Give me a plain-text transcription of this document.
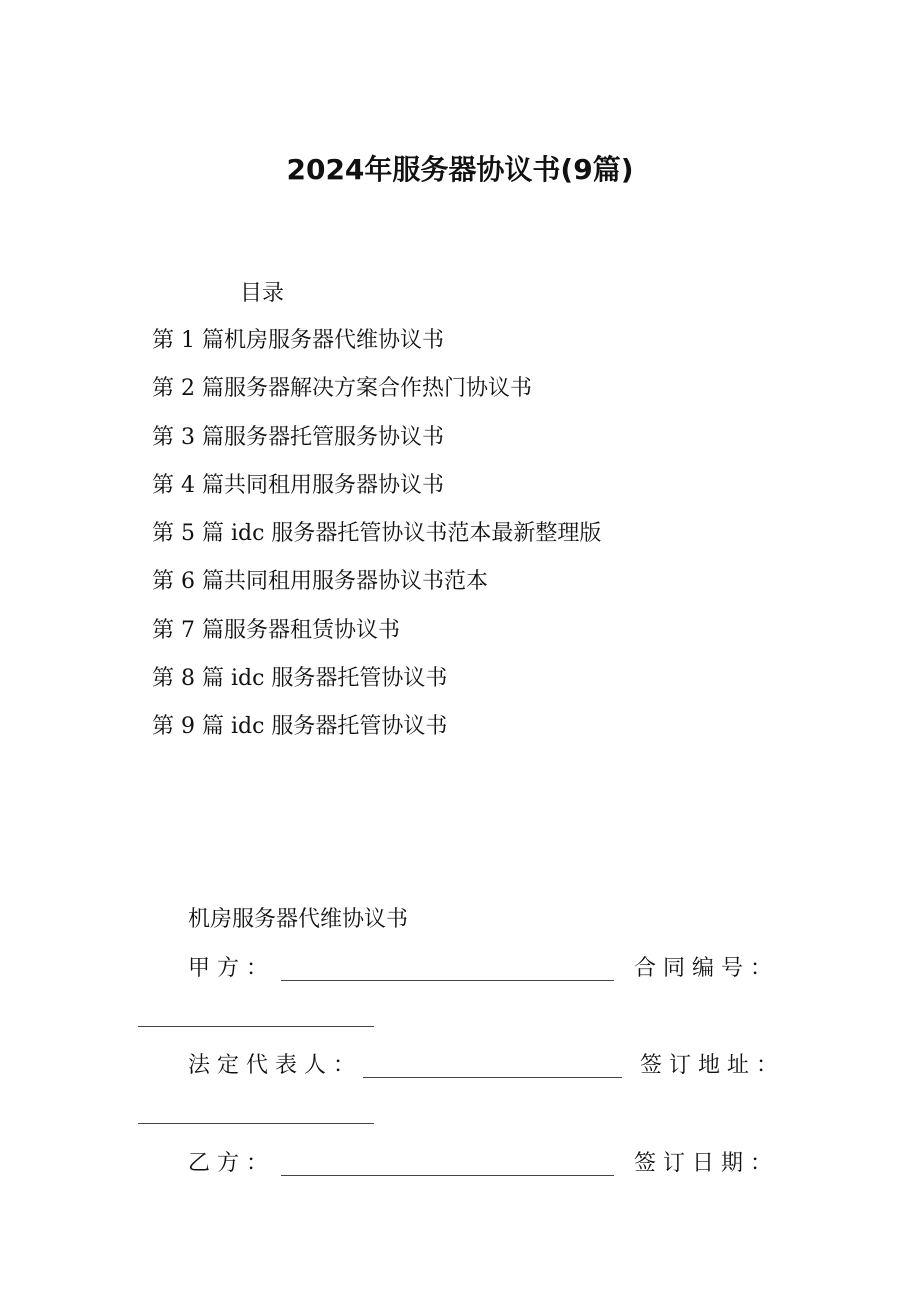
2024年服务器协议书(9篇)

目录

第 1 篇机房服务器代维协议书
第 2 篇服务器解决方案合作热门协议书
第 3 篇服务器托管服务协议书
第 4 篇共同租用服务器协议书
第 5 篇 idc 服务器托管协议书范本最新整理版
第 6 篇共同租用服务器协议书范本
第 7 篇服务器租赁协议书
第 8 篇 idc 服务器托管协议书
第 9 篇 idc 服务器托管协议书

机房服务器代维协议书

甲方：	合同编号：
法定代表人：	签订地址：
乙方：	签订日期：
